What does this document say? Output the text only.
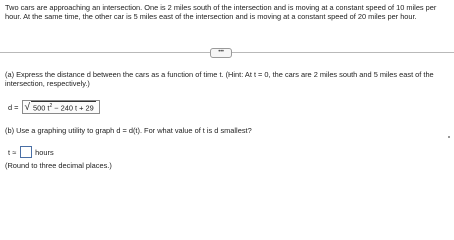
Two cars are approaching an intersection. One is 2 miles south of the intersection and is moving at a constant speed of 10 miles per hour. At the same time, the other car is 5 miles east of the intersection and is moving at a constant speed of 20 miles per hour.
•••
(a) Express the distance d between the cars as a function of time t. (Hint: At t = 0, the cars are 2 miles south and 5 miles east of the intersection, respectively.)
d = √ 500 $t^2 - 240$ t + 29
(b) Use a graphing utility to graph d = d(t). For what value of t is d smallest?
t ≈	hours
(Round to three decimal places.)
